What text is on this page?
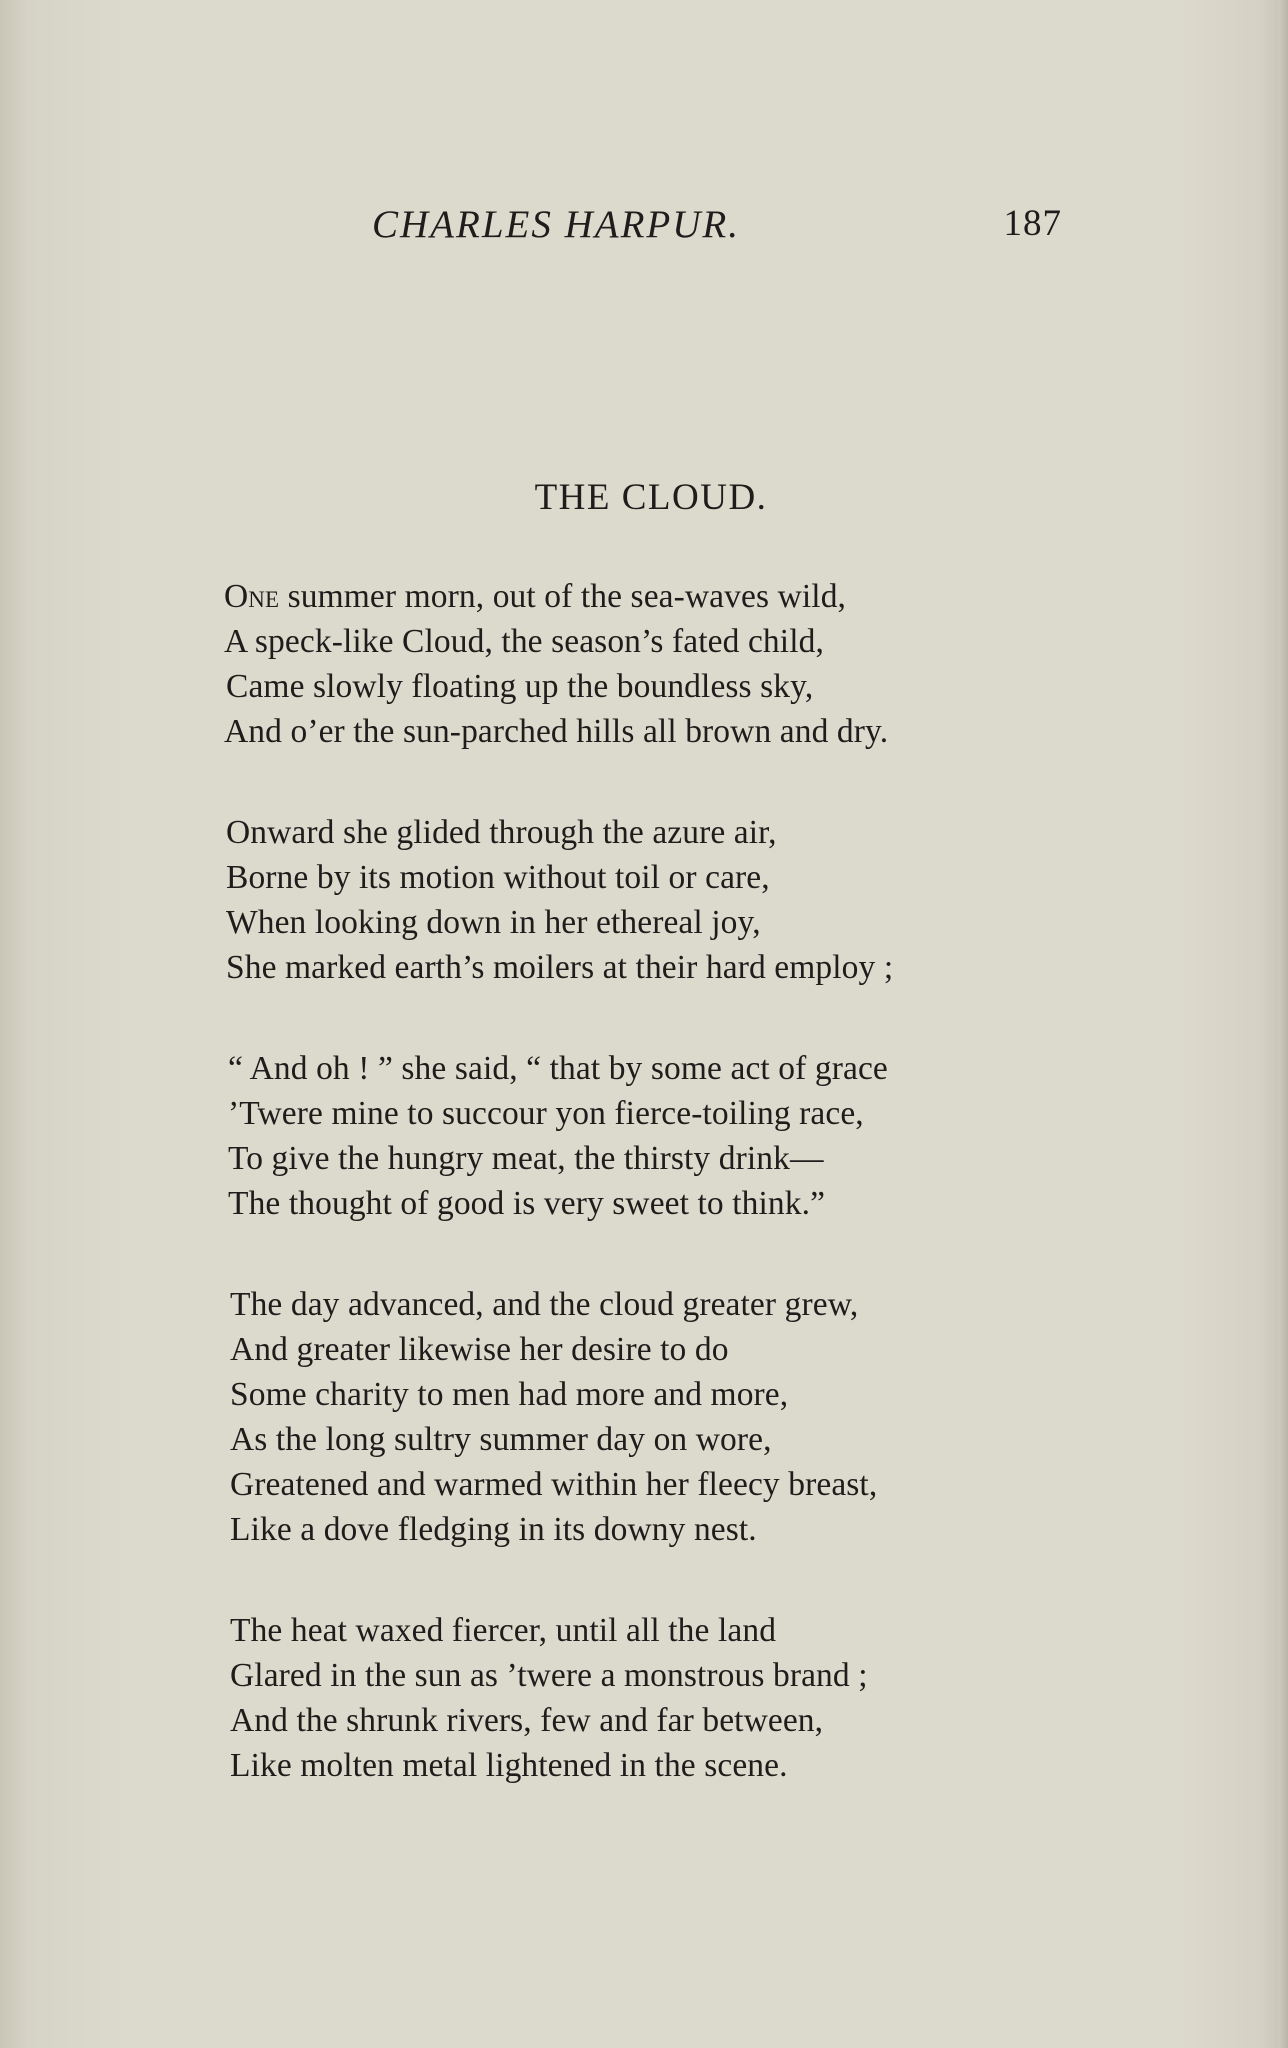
CHARLES HARPUR.	187
THE CLOUD.
One summer morn, out of the sea-waves wild,
A speck-like Cloud, the season’s fated child,
Came slowly floating up the boundless sky,
And o’er the sun-parched hills all brown and dry.
Onward she glided through the azure air,
Borne by its motion without toil or care,
When looking down in her ethereal joy,
She marked earth’s moilers at their hard employ ;
“ And oh ! ” she said, “ that by some act of grace
’Twere mine to succour yon fierce-toiling race,
To give the hungry meat, the thirsty drink—
The thought of good is very sweet to think.”
The day advanced, and the cloud greater grew,
And greater likewise her desire to do
Some charity to men had more and more,
As the long sultry summer day on wore,
Greatened and warmed within her fleecy breast,
Like a dove fledging in its downy nest.
The heat waxed fiercer, until all the land
Glared in the sun as ’twere a monstrous brand ;
And the shrunk rivers, few and far between,
Like molten metal lightened in the scene.
